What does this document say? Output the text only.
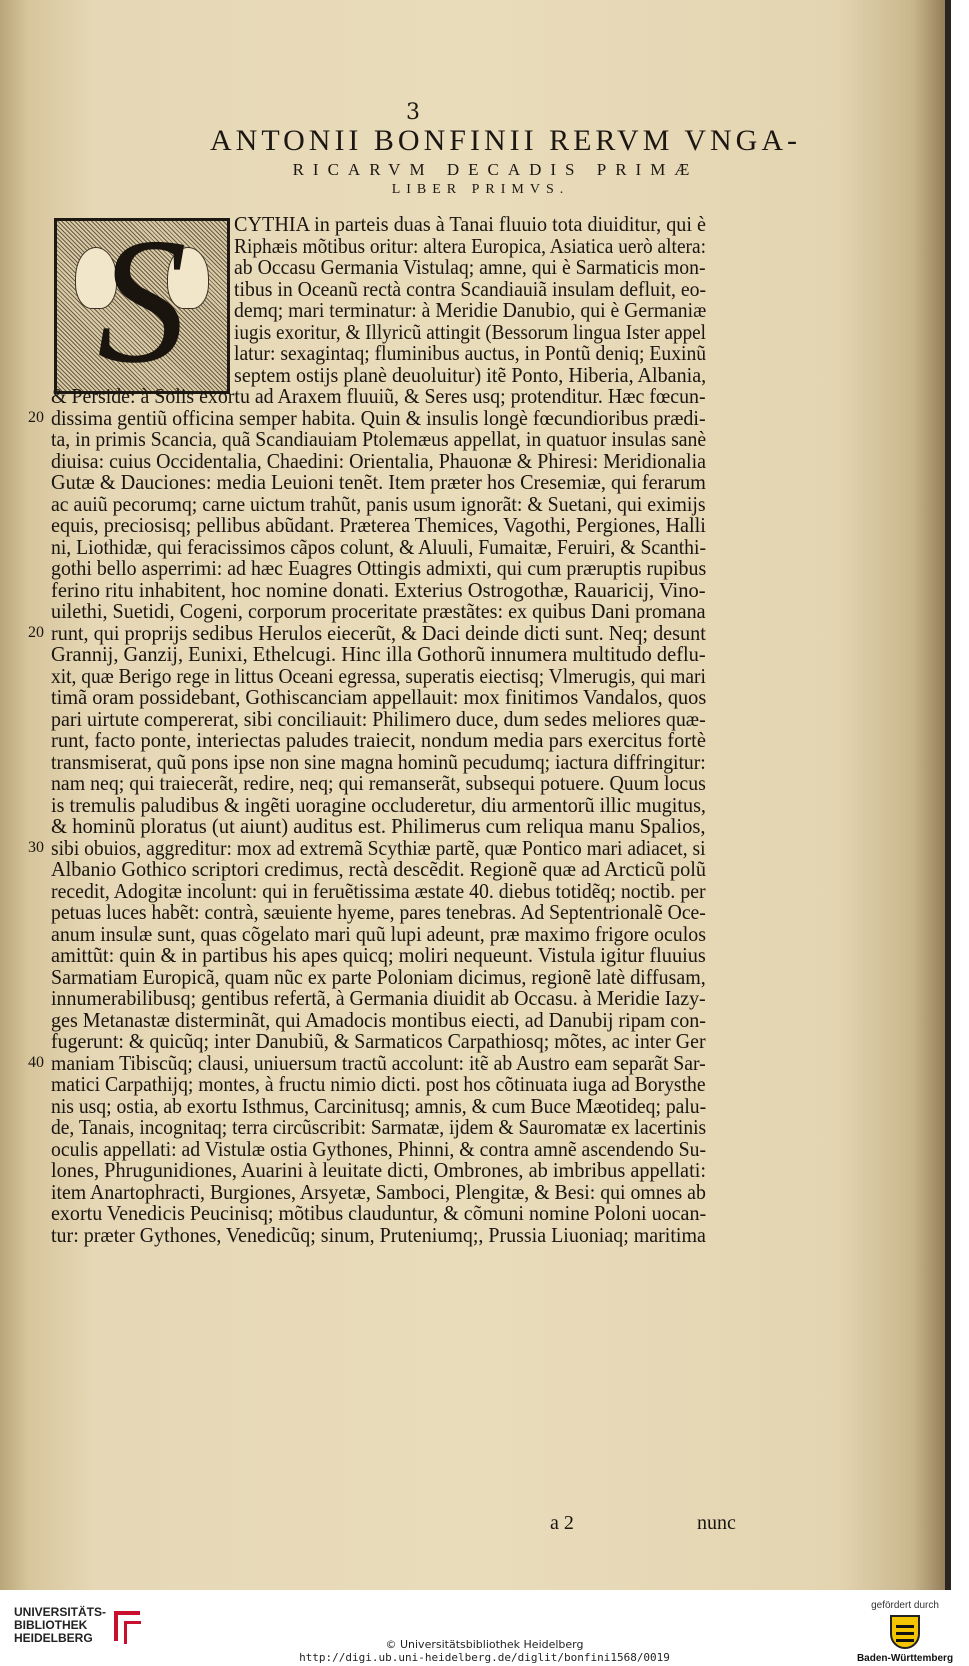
3
ANTONII BONFINII RERVM VNGA-
RICARVM DECADIS PRIMÆ
LIBER PRIMVS.
S	CYTHIA in parteis duas à Tanai fluuio tota diuiditur, qui è
Riphæis mõtibus oritur: altera Europica, Asiatica uerò altera:
ab Occasu Germania Vistulaq; amne, qui è Sarmaticis mon-
tibus in Oceanũ rectà contra Scandiauiã insulam defluit, eo-
demq; mari terminatur: à Meridie Danubio, qui è Germaniæ
iugis exoritur, & Illyricũ attingit (Bessorum lingua Ister appel
latur: sexagintaq; fluminibus auctus, in Pontũ deniq; Euxinũ
septem ostijs planè deuoluitur) itẽ Ponto, Hiberia, Albania,
& Perside: à Solis exortu ad Araxem fluuiũ, & Seres usq; protenditur. Hæc fœcun-
dissima gentiũ officina semper habita. Quin & insulis longè fœcundioribus prædi-
ta, in primis Scancia, quã Scandiauiam Ptolemæus appellat, in quatuor insulas sanè
diuisa: cuius Occidentalia, Chaedini: Orientalia, Phauonæ & Phiresi: Meridionalia
Gutæ & Dauciones: media Leuioni tenẽt. Item præter hos Cresemiæ, qui ferarum
ac auiũ pecorumq; carne uictum trahũt, panis usum ignorãt: & Suetani, qui eximijs
equis, preciosisq; pellibus abũdant. Præterea Themices, Vagothi, Pergiones, Halli
ni, Liothidæ, qui feracissimos cãpos colunt, & Aluuli, Fumaitæ, Feruiri, & Scanthi-
gothi bello asperrimi: ad hæc Euagres Ottingis admixti, qui cum præruptis rupibus
ferino ritu inhabitent, hoc nomine donati. Exterius Ostrogothæ, Rauaricij, Vino-
uilethi, Suetidi, Cogeni, corporum proceritate præstãtes: ex quibus Dani promana
runt, qui proprijs sedibus Herulos eiecerũt, & Daci deinde dicti sunt. Neq; desunt
Grannij, Ganzij, Eunixi, Ethelcugi. Hinc illa Gothorũ innumera multitudo deflu-
xit, quæ Berigo rege in littus Oceani egressa, superatis eiectisq; Vlmerugis, qui mari
timã oram possidebant, Gothiscanciam appellauit: mox finitimos Vandalos, quos
pari uirtute compererat, sibi conciliauit: Philimero duce, dum sedes meliores quæ-
runt, facto ponte, interiectas paludes traiecit, nondum media pars exercitus fortè
transmiserat, quũ pons ipse non sine magna hominũ pecudumq; iactura diffringitur:
nam neq; qui traiecerãt, redire, neq; qui remanserãt, subsequi potuere. Quum locus
is tremulis paludibus & ingẽti uoragine occluderetur, diu armentorũ illic mugitus,
& hominũ ploratus (ut aiunt) auditus est. Philimerus cum reliqua manu Spalios,
sibi obuios, aggreditur: mox ad extremã Scythiæ partẽ, quæ Pontico mari adiacet, si
Albanio Gothico scriptori credimus, rectà descẽdit. Regionẽ quæ ad Arcticũ polũ
recedit, Adogitæ incolunt: qui in feruẽtissima æstate 40. diebus totidẽq; noctib. per
petuas luces habẽt: contrà, sæuiente hyeme, pares tenebras. Ad Septentrionalẽ Oce-
anum insulæ sunt, quas cõgelato mari quũ lupi adeunt, præ maximo frigore oculos
amittũt: quin & in partibus his apes quicq; moliri nequeunt. Vistula igitur fluuius
Sarmatiam Europicã, quam nũc ex parte Poloniam dicimus, regionẽ latè diffusam,
innumerabilibusq; gentibus refertã, à Germania diuidit ab Occasu. à Meridie Iazy-
ges Metanastæ disterminãt, qui Amadocis montibus eiecti, ad Danubij ripam con-
fugerunt: & quicũq; inter Danubiũ, & Sarmaticos Carpathiosq; mõtes, ac inter Ger
maniam Tibiscũq; clausi, uniuersum tractũ accolunt: itẽ ab Austro eam separãt Sar-
matici Carpathijq; montes, à fructu nimio dicti. post hos cõtinuata iuga ad Borysthe
nis usq; ostia, ab exortu Isthmus, Carcinitusq; amnis, & cum Buce Mæotideq; palu-
de, Tanais, incognitaq; terra circũscribit: Sarmatæ, ijdem & Sauromatæ ex lacertinis
oculis appellati: ad Vistulæ ostia Gythones, Phinni, & contra amnẽ ascendendo Su-
lones, Phrugunidiones, Auarini à leuitate dicti, Ombrones, ab imbribus appellati:
item Anartophracti, Burgiones, Arsyetæ, Samboci, Plengitæ, & Besi: qui omnes ab
exortu Venedicis Peucinisq; mõtibus clauduntur, & cõmuni nomine Poloni uocan-
tur: præter Gythones, Venedicũq; sinum, Pruteniumq;, Prussia Liuoniaq; maritima
20
20
30
40
a 2	nunc
UNIVERSITÄTS-
BIBLIOTHEK
HEIDELBERG	© Universitätsbibliothek Heidelberg
http://digi.ub.uni-heidelberg.de/diglit/bonfini1568/0019
gefördert durch
Baden-Württemberg
